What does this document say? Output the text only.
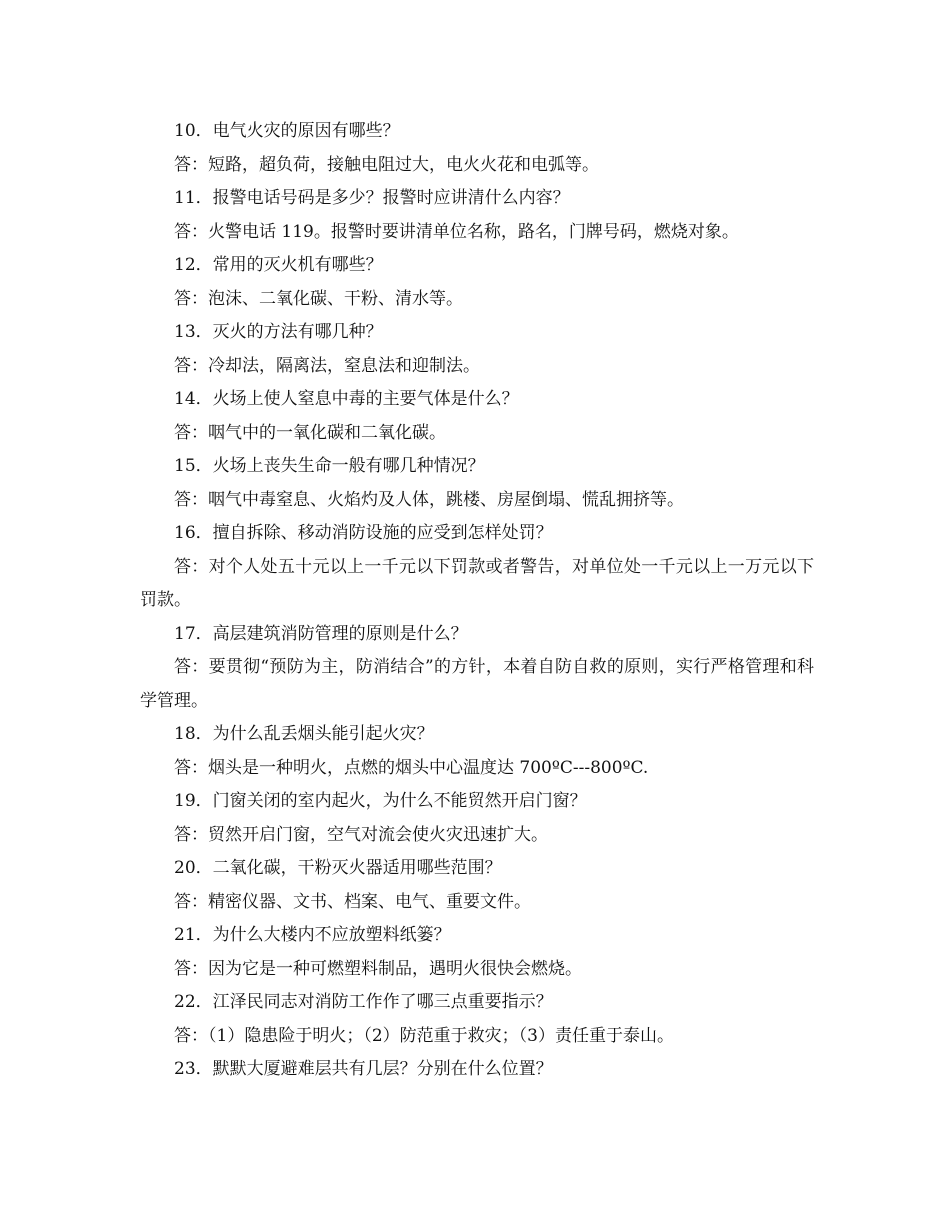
10．电气火灾的原因有哪些？

答：短路，超负荷，接触电阻过大，电火火花和电弧等。

11．报警电话号码是多少？报警时应讲清什么内容？

答：火警电话 119。报警时要讲清单位名称，路名，门牌号码，燃烧对象。

12．常用的灭火机有哪些？

答：泡沫、二氧化碳、干粉、清水等。

13．灭火的方法有哪几种？

答：冷却法，隔离法，窒息法和迎制法。

14．火场上使人窒息中毒的主要气体是什么？

答：咽气中的一氧化碳和二氧化碳。

15．火场上丧失生命一般有哪几种情况？

答：咽气中毒窒息、火焰灼及人体，跳楼、房屋倒塌、慌乱拥挤等。

16．擅自拆除、移动消防设施的应受到怎样处罚？

答：对个人处五十元以上一千元以下罚款或者警告，对单位处一千元以上一万元以下罚款。

17．高层建筑消防管理的原则是什么？

答：要贯彻“预防为主，防消结合”的方针，本着自防自救的原则，实行严格管理和科学管理。

18．为什么乱丢烟头能引起火灾？

答：烟头是一种明火，点燃的烟头中心温度达 700ºC---800ºC.

19．门窗关闭的室内起火，为什么不能贸然开启门窗？

答：贸然开启门窗，空气对流会使火灾迅速扩大。

20．二氧化碳，干粉灭火器适用哪些范围？

答：精密仪器、文书、档案、电气、重要文件。

21．为什么大楼内不应放塑料纸篓？

答：因为它是一种可燃塑料制品，遇明火很快会燃烧。

22．江泽民同志对消防工作作了哪三点重要指示？

答：（1）隐患险于明火；（2）防范重于救灾；（3）责任重于泰山。

23．默默大厦避难层共有几层？分别在什么位置？
